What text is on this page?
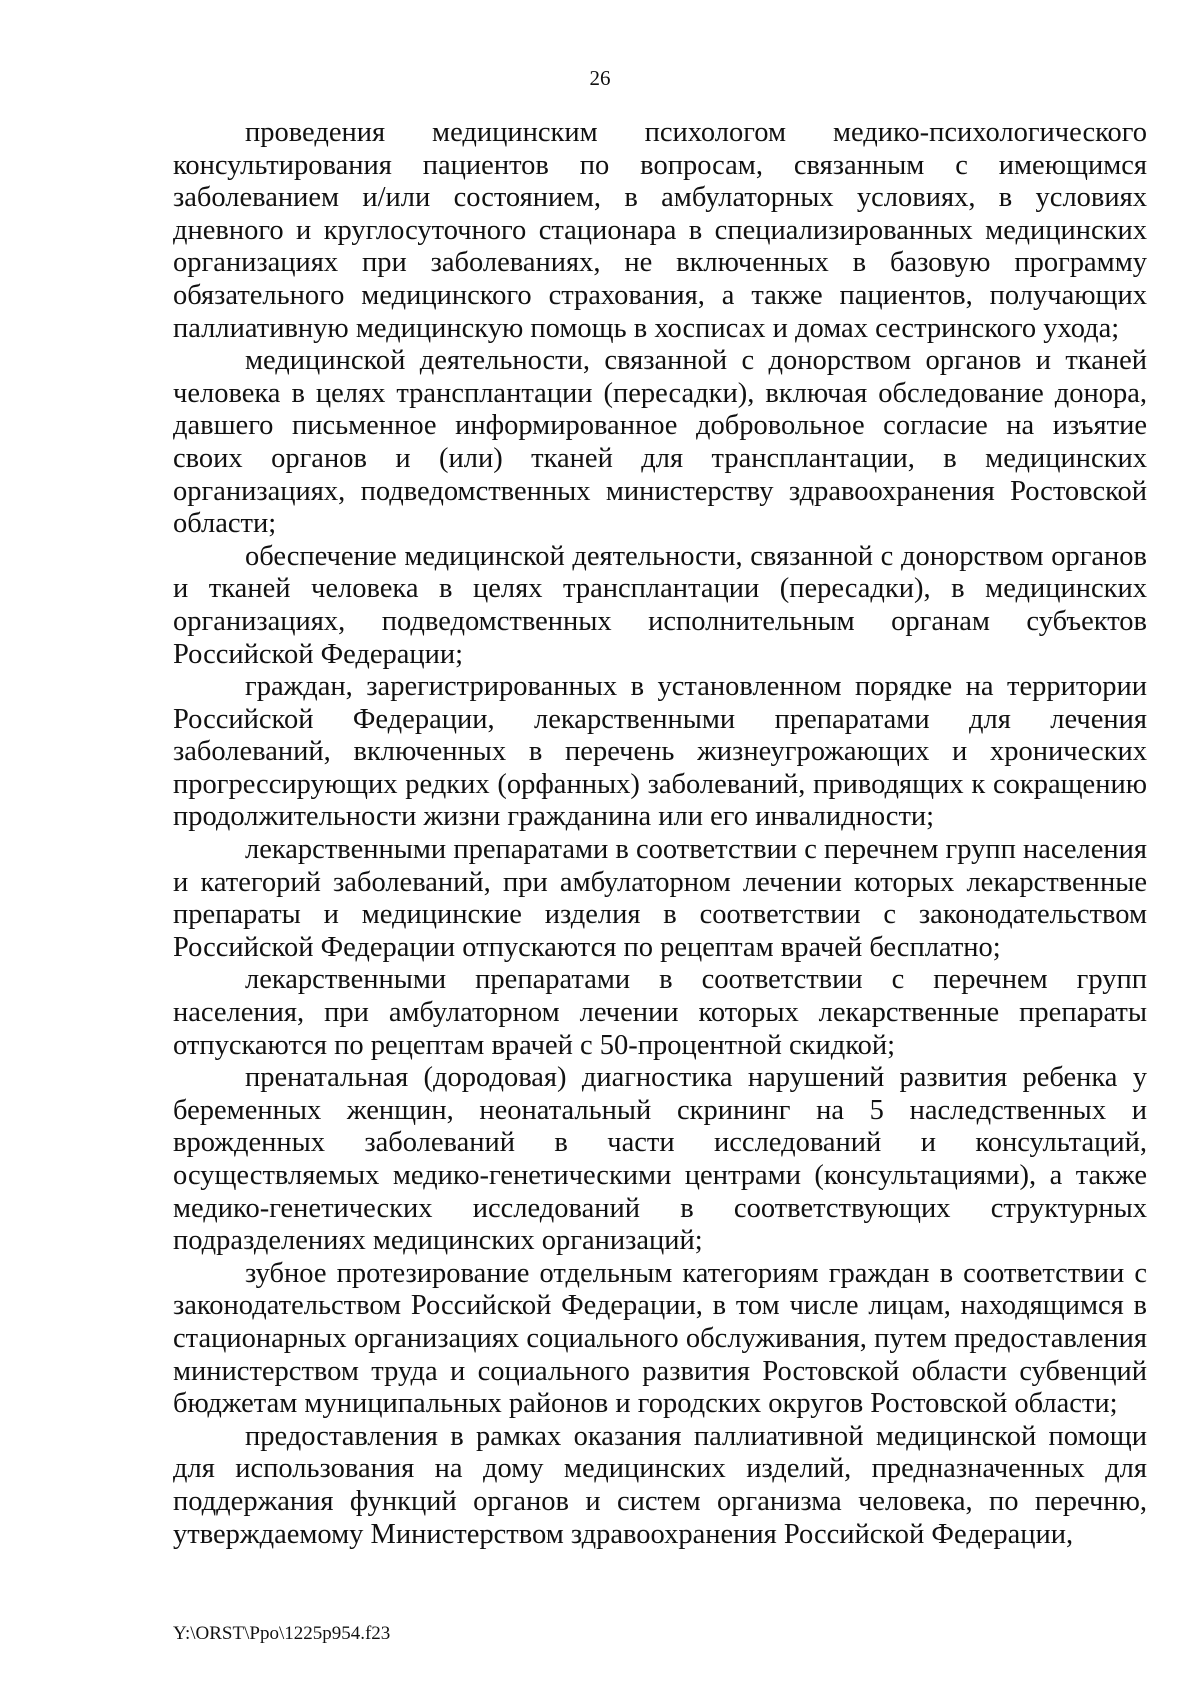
26

проведения медицинским психологом медико-психологического консультирования пациентов по вопросам, связанным с имеющимся заболеванием и/или состоянием, в амбулаторных условиях, в условиях дневного и круглосуточного стационара в специализированных медицинских организациях при заболеваниях, не включенных в базовую программу обязательного медицинского страхования, а также пациентов, получающих паллиативную медицинскую помощь в хосписах и домах сестринского ухода;

медицинской деятельности, связанной с донорством органов и тканей человека в целях трансплантации (пересадки), включая обследование донора, давшего письменное информированное добровольное согласие на изъятие своих органов и (или) тканей для трансплантации, в медицинских организациях, подведомственных министерству здравоохранения Ростовской области;

обеспечение медицинской деятельности, связанной с донорством органов и тканей человека в целях трансплантации (пересадки), в медицинских организациях, подведомственных исполнительным органам субъектов Российской Федерации;

граждан, зарегистрированных в установленном порядке на территории Российской Федерации, лекарственными препаратами для лечения заболеваний, включенных в перечень жизнеугрожающих и хронических прогрессирующих редких (орфанных) заболеваний, приводящих к сокращению продолжительности жизни гражданина или его инвалидности;

лекарственными препаратами в соответствии с перечнем групп населения и категорий заболеваний, при амбулаторном лечении которых лекарственные препараты и медицинские изделия в соответствии с законодательством Российской Федерации отпускаются по рецептам врачей бесплатно;

лекарственными препаратами в соответствии с перечнем групп населения, при амбулаторном лечении которых лекарственные препараты отпускаются по рецептам врачей с 50-процентной скидкой;

пренатальная (дородовая) диагностика нарушений развития ребенка у беременных женщин, неонатальный скрининг на 5 наследственных и врожденных заболеваний в части исследований и консультаций, осуществляемых медико-генетическими центрами (консультациями), а также медико-генетических исследований в соответствующих структурных подразделениях медицинских организаций;

зубное протезирование отдельным категориям граждан в соответствии с законодательством Российской Федерации, в том числе лицам, находящимся в стационарных организациях социального обслуживания, путем предоставления министерством труда и социального развития Ростовской области субвенций бюджетам муниципальных районов и городских округов Ростовской области;

предоставления в рамках оказания паллиативной медицинской помощи для использования на дому медицинских изделий, предназначенных для поддержания функций органов и систем организма человека, по перечню, утверждаемому Министерством здравоохранения Российской Федерации,

Y:\ORST\Ppo\1225p954.f23
